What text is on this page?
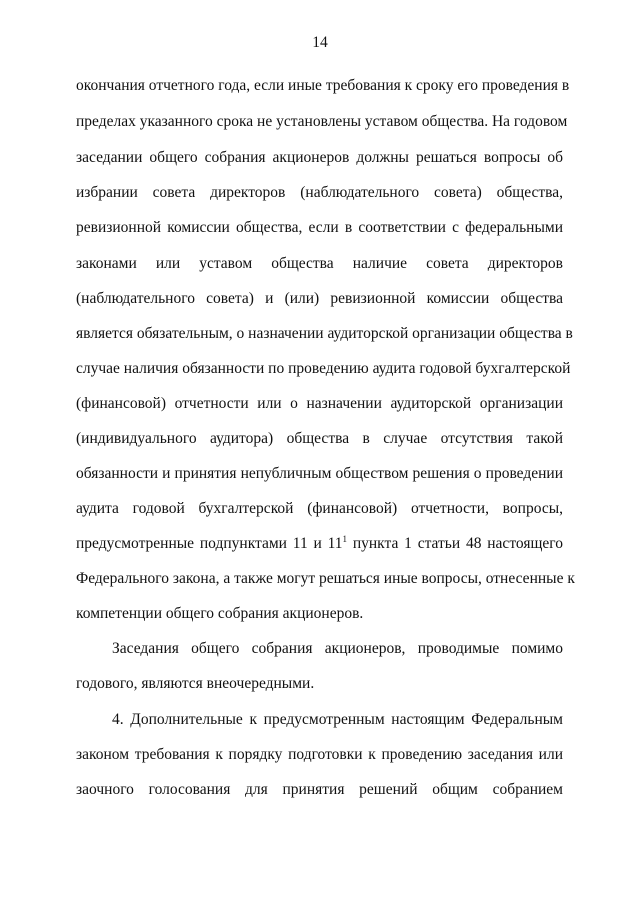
14
окончания отчетного года, если иные требования к сроку его проведения в
пределах указанного срока не установлены уставом общества. На годовом
заседании общего собрания акционеров должны решаться вопросы об
избрании совета директоров (наблюдательного совета) общества,
ревизионной комиссии общества, если в соответствии с федеральными
законами или уставом общества наличие совета директоров
(наблюдательного совета) и (или) ревизионной комиссии общества
является обязательным, о назначении аудиторской организации общества в
случае наличия обязанности по проведению аудита годовой бухгалтерской
(финансовой) отчетности или о назначении аудиторской организации
(индивидуального аудитора) общества в случае отсутствия такой
обязанности и принятия непубличным обществом решения о проведении
аудита годовой бухгалтерской (финансовой) отчетности, вопросы,
предусмотренные подпунктами 11 и $11^1$ пункта 1 статьи 48 настоящего
Федерального закона, а также могут решаться иные вопросы, отнесенные к
компетенции общего собрания акционеров.
Заседания общего собрания акционеров, проводимые помимо
годового, являются внеочередными.
4. Дополнительные к предусмотренным настоящим Федеральным
законом требования к порядку подготовки к проведению заседания или
заочного голосования для принятия решений общим собранием
